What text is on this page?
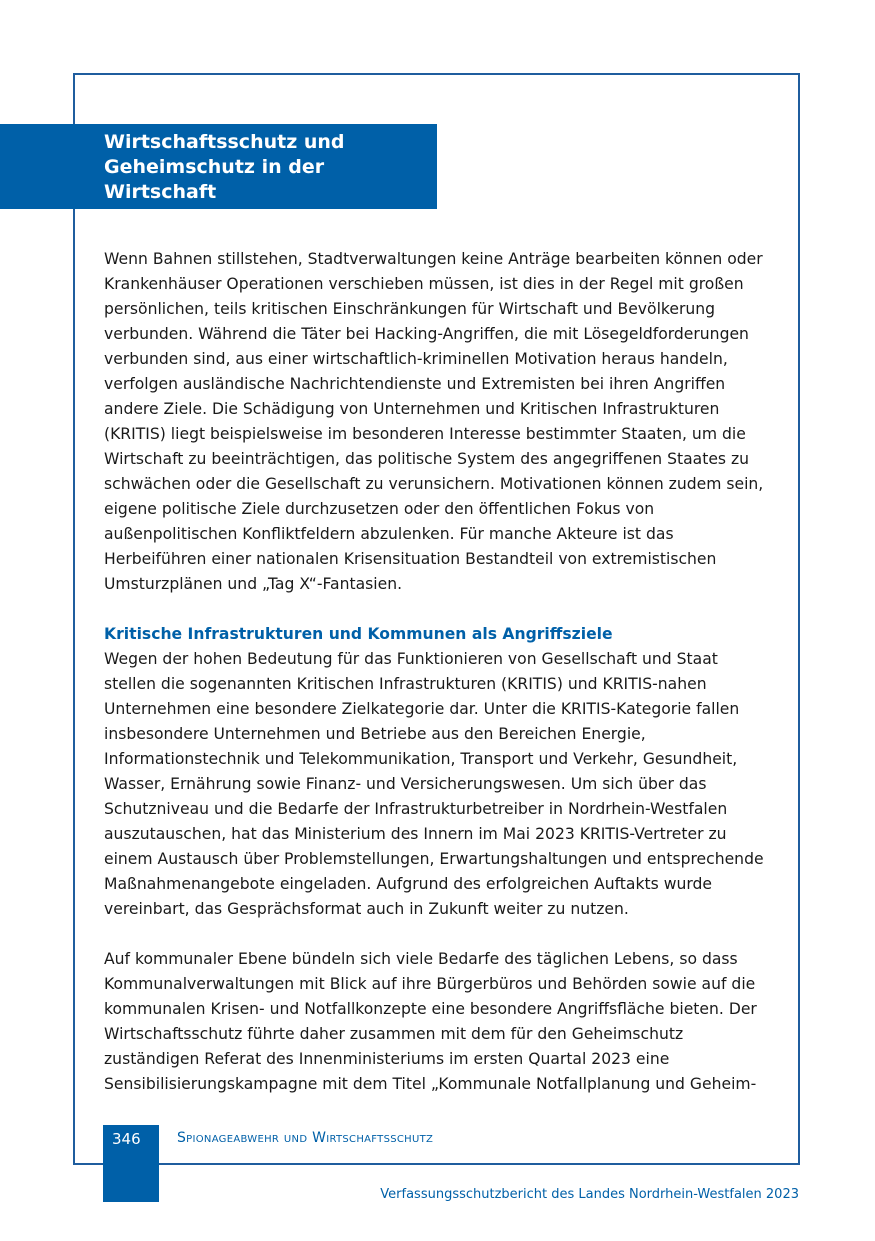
Wirtschaftsschutz und Geheimschutz in der Wirtschaft

Wenn Bahnen stillstehen, Stadtverwaltungen keine Anträge bearbeiten können oder Krankenhäuser Operationen verschieben müssen, ist dies in der Regel mit großen persönlichen, teils kritischen Einschränkungen für Wirtschaft und Bevölkerung verbunden. Während die Täter bei Hacking-Angriffen, die mit Lösegeldforderungen verbunden sind, aus einer wirtschaftlich-kriminellen Motivation heraus handeln, verfolgen ausländische Nachrichtendienste und Extremisten bei ihren Angriffen andere Ziele. Die Schädigung von Unternehmen und Kritischen Infrastrukturen (KRITIS) liegt beispielsweise im besonderen Interesse bestimmter Staaten, um die Wirtschaft zu beeinträchtigen, das politische System des angegriffenen Staates zu schwächen oder die Gesellschaft zu verunsichern. Motivationen können zudem sein, eigene politische Ziele durchzusetzen oder den öffentlichen Fokus von außenpolitischen Konfliktfeldern abzulenken. Für manche Akteure ist das Herbeiführen einer nationalen Krisensituation Bestandteil von extremistischen Umsturzplänen und „Tag X“-Fantasien.

Kritische Infrastrukturen und Kommunen als Angriffsziele

Wegen der hohen Bedeutung für das Funktionieren von Gesellschaft und Staat stellen die sogenannten Kritischen Infrastrukturen (KRITIS) und KRITIS-nahen Unternehmen eine besondere Zielkategorie dar. Unter die KRITIS-Kategorie fallen insbesondere Unternehmen und Betriebe aus den Bereichen Energie, Informationstechnik und Telekommunikation, Transport und Verkehr, Gesundheit, Wasser, Ernährung sowie Finanz- und Versicherungswesen. Um sich über das Schutzniveau und die Bedarfe der Infrastrukturbetreiber in Nordrhein-Westfalen auszutauschen, hat das Ministerium des Innern im Mai 2023 KRITIS-Vertreter zu einem Austausch über Problemstellungen, Erwartungshaltungen und entsprechende Maßnahmenangebote eingeladen. Aufgrund des erfolgreichen Auftakts wurde vereinbart, das Gesprächsformat auch in Zukunft weiter zu nutzen.

Auf kommunaler Ebene bündeln sich viele Bedarfe des täglichen Lebens, so dass Kommunalverwaltungen mit Blick auf ihre Bürgerbüros und Behörden sowie auf die kommunalen Krisen- und Notfallkonzepte eine besondere Angriffsfläche bieten. Der Wirtschaftsschutz führte daher zusammen mit dem für den Geheimschutz zuständigen Referat des Innenministeriums im ersten Quartal 2023 eine Sensibilisierungskampagne mit dem Titel „Kommunale Notfallplanung und Geheim-

346	Spionageabwehr und Wirtschaftsschutz
Verfassungsschutzbericht des Landes Nordrhein-Westfalen 2023
